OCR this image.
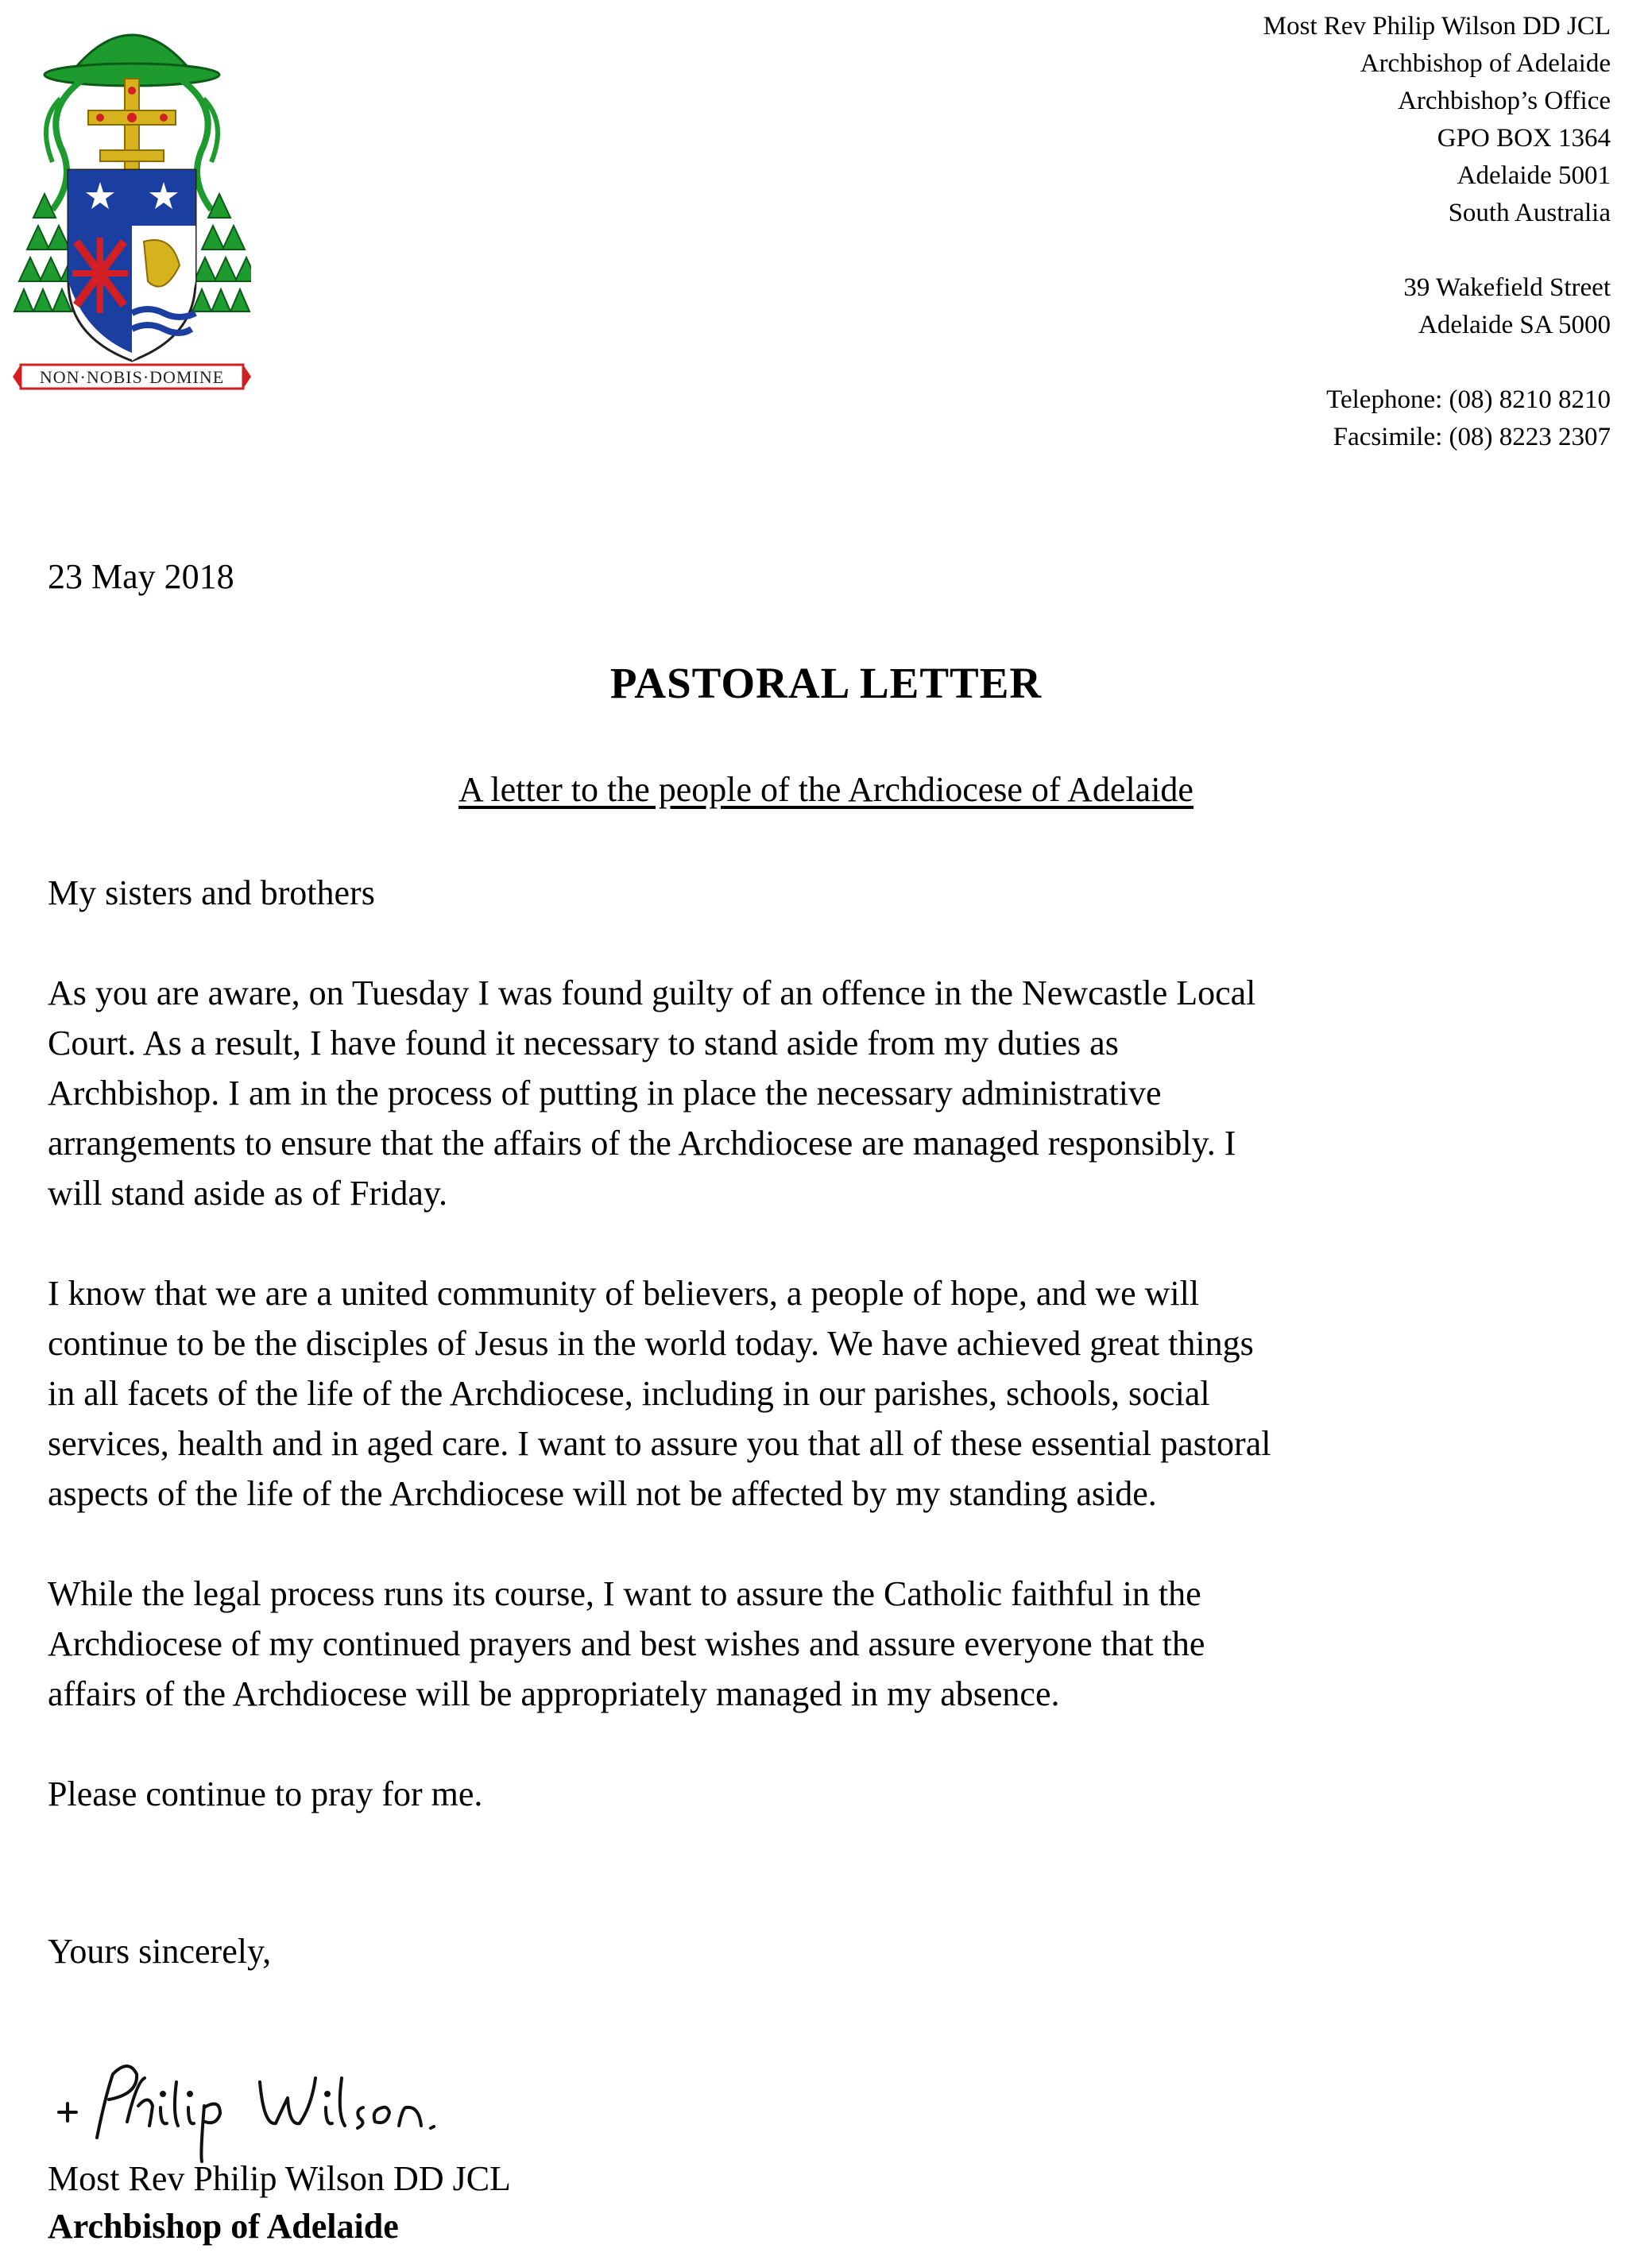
NON·NOBIS·DOMINE
Most Rev Philip Wilson DD JCL
Archbishop of Adelaide
Archbishop’s Office
GPO BOX 1364
Adelaide 5001
South Australia
39 Wakefield Street
Adelaide SA 5000
Telephone: (08) 8210 8210
Facsimile: (08) 8223 2307
23 May 2018
PASTORAL LETTER
A letter to the people of the Archdiocese of Adelaide

My sisters and brothers

As you are aware, on Tuesday I was found guilty of an offence in the Newcastle Local
Court. As a result, I have found it necessary to stand aside from my duties as
Archbishop. I am in the process of putting in place the necessary administrative
arrangements to ensure that the affairs of the Archdiocese are managed responsibly. I
will stand aside as of Friday.

I know that we are a united community of believers, a people of hope, and we will
continue to be the disciples of Jesus in the world today. We have achieved great things
in all facets of the life of the Archdiocese, including in our parishes, schools, social
services, health and in aged care. I want to assure you that all of these essential pastoral
aspects of the life of the Archdiocese will not be affected by my standing aside.

While the legal process runs its course, I want to assure the Catholic faithful in the
Archdiocese of my continued prayers and best wishes and assure everyone that the
affairs of the Archdiocese will be appropriately managed in my absence.

Please continue to pray for me.

Yours sincerely,

Most Rev Philip Wilson DD JCL
Archbishop of Adelaide
